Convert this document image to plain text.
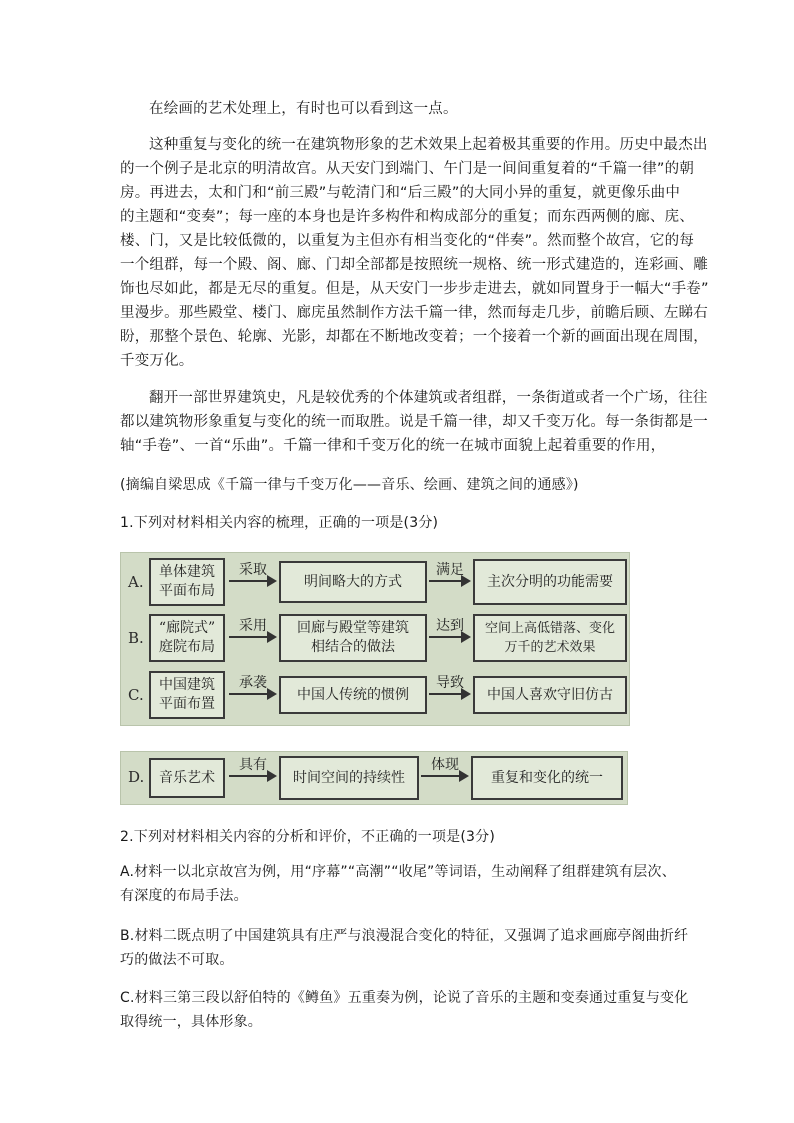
在绘画的艺术处理上，有时也可以看到这一点。

这种重复与变化的统一在建筑物形象的艺术效果上起着极其重要的作用。历史中最杰出

的一个例子是北京的明清故宫。从天安门到端门、午门是一间间重复着的“千篇一律”的朝

房。再进去，太和门和“前三殿”与乾清门和“后三殿”的大同小异的重复，就更像乐曲中

的主题和“变奏”；每一座的本身也是许多构件和构成部分的重复；而东西两侧的廊、庑、

楼、门，又是比较低微的，以重复为主但亦有相当变化的“伴奏”。然而整个故宫，它的每

一个组群，每一个殿、阁、廊、门却全部都是按照统一规格、统一形式建造的，连彩画、雕

饰也尽如此，都是无尽的重复。但是，从天安门一步步走进去，就如同置身于一幅大“手卷”

里漫步。那些殿堂、楼门、廊庑虽然制作方法千篇一律，然而每走几步，前瞻后顾、左睇右

盼，那整个景色、轮廓、光影，却都在不断地改变着；一个接着一个新的画面出现在周围，

千变万化。

翻开一部世界建筑史，凡是较优秀的个体建筑或者组群，一条街道或者一个广场，往往

都以建筑物形象重复与变化的统一而取胜。说是千篇一律，却又千变万化。每一条街都是一

轴“手卷”、一首“乐曲”。千篇一律和千变万化的统一在城市面貌上起着重要的作用，

(摘编自梁思成《千篇一律与千变万化——音乐、绘画、建筑之间的通感》)

1.下列对材料相关内容的梳理，正确的一项是(3分)

A.
单体建筑
平面布局
采取
明间略大的方式
满足
主次分明的功能需要
B.
“廊院式”
庭院布局
采用	回廊与殿堂等建筑
相结合的做法
达到	空间上高低错落、变化
万千的艺术效果
C.
中国建筑
平面布置
承袭
中国人传统的惯例
导致
中国人喜欢守旧仿古
D. 音乐艺术
具有
时间空间的持续性
体现
重复和变化的统一

2.下列对材料相关内容的分析和评价，不正确的一项是(3分)

A.材料一以北京故宫为例，用“序幕”“高潮”“收尾”等词语，生动阐释了组群建筑有层次、

有深度的布局手法。

B.材料二既点明了中国建筑具有庄严与浪漫混合变化的特征，又强调了追求画廊亭阁曲折纤

巧的做法不可取。

C.材料三第三段以舒伯特的《鳟鱼》五重奏为例，论说了音乐的主题和变奏通过重复与变化

取得统一，具体形象。
